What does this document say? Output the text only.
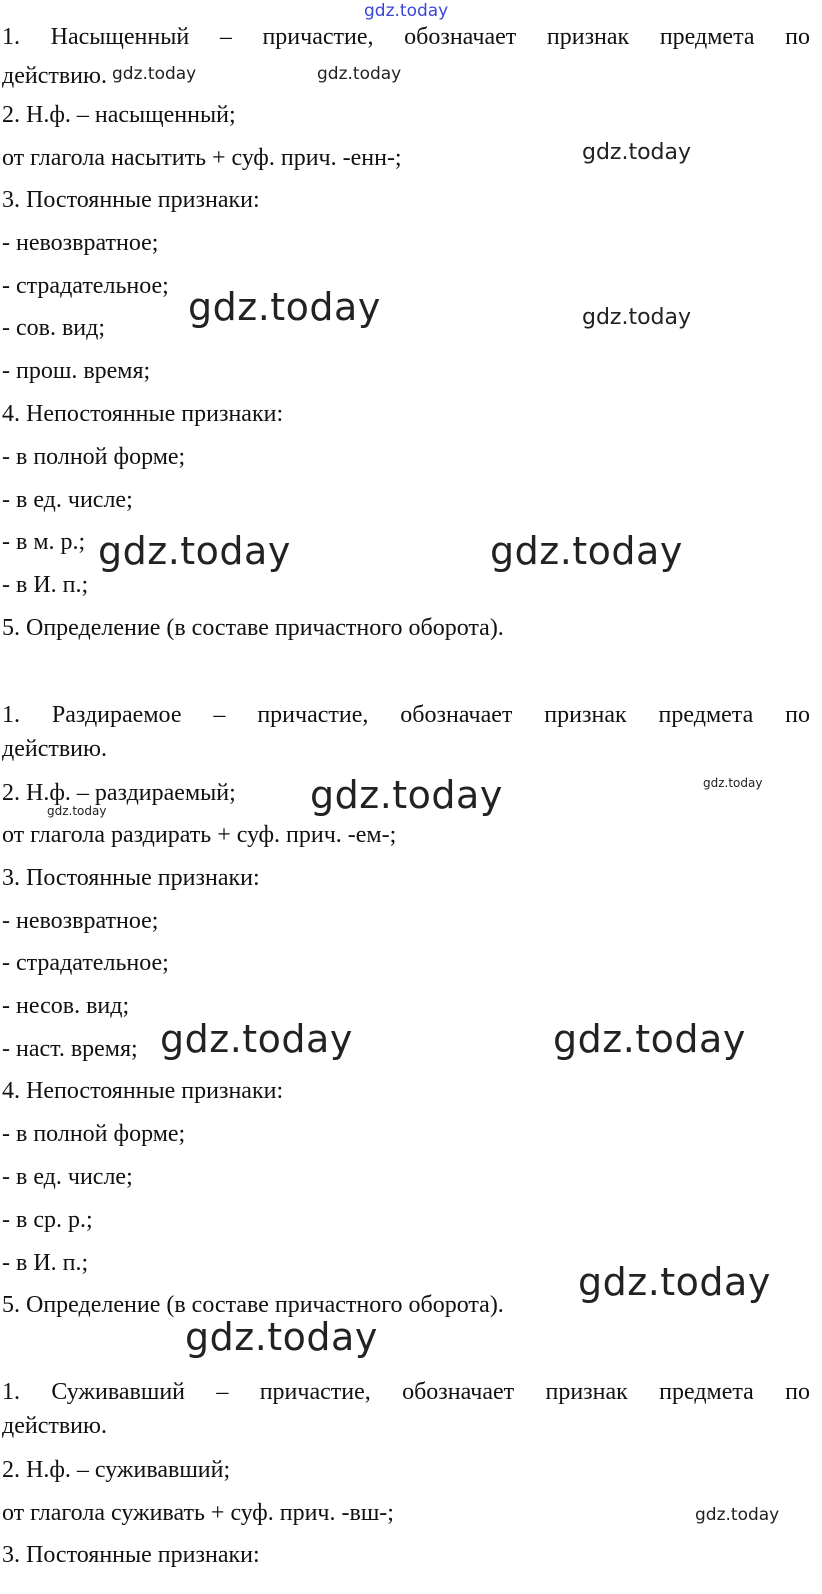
1. Насыщенный – причастие, обозначает признак предмета по
действию.
2. Н.ф. – насыщенный;
от глагола насытить + суф. прич. -енн-;
3. Постоянные признаки:
- невозвратное;
- страдательное;
- сов. вид;
- прош. время;
4. Непостоянные признаки:
- в полной форме;
- в ед. числе;
- в м. р.;
- в И. п.;
5. Определение (в составе причастного оборота).
1. Раздираемое – причастие, обозначает признак предмета по
действию.
2. Н.ф. – раздираемый;
от глагола раздирать + суф. прич. -ем-;
3. Постоянные признаки:
- невозвратное;
- страдательное;
- несов. вид;
- наст. время;
4. Непостоянные признаки:
- в полной форме;
- в ед. числе;
- в ср. р.;
- в И. п.;
5. Определение (в составе причастного оборота).
1. Суживавший – причастие, обозначает признак предмета по
действию.
2. Н.ф. – суживавший;
от глагола суживать + суф. прич. -вш-;
3. Постоянные признаки:
gdz.today
gdz.today	gdz.today
gdz.today
gdz.today	gdz.today
gdz.today	gdz.today
gdz.today
gdz.today
gdz.today
gdz.today	gdz.today
gdz.today
gdz.today
gdz.today
